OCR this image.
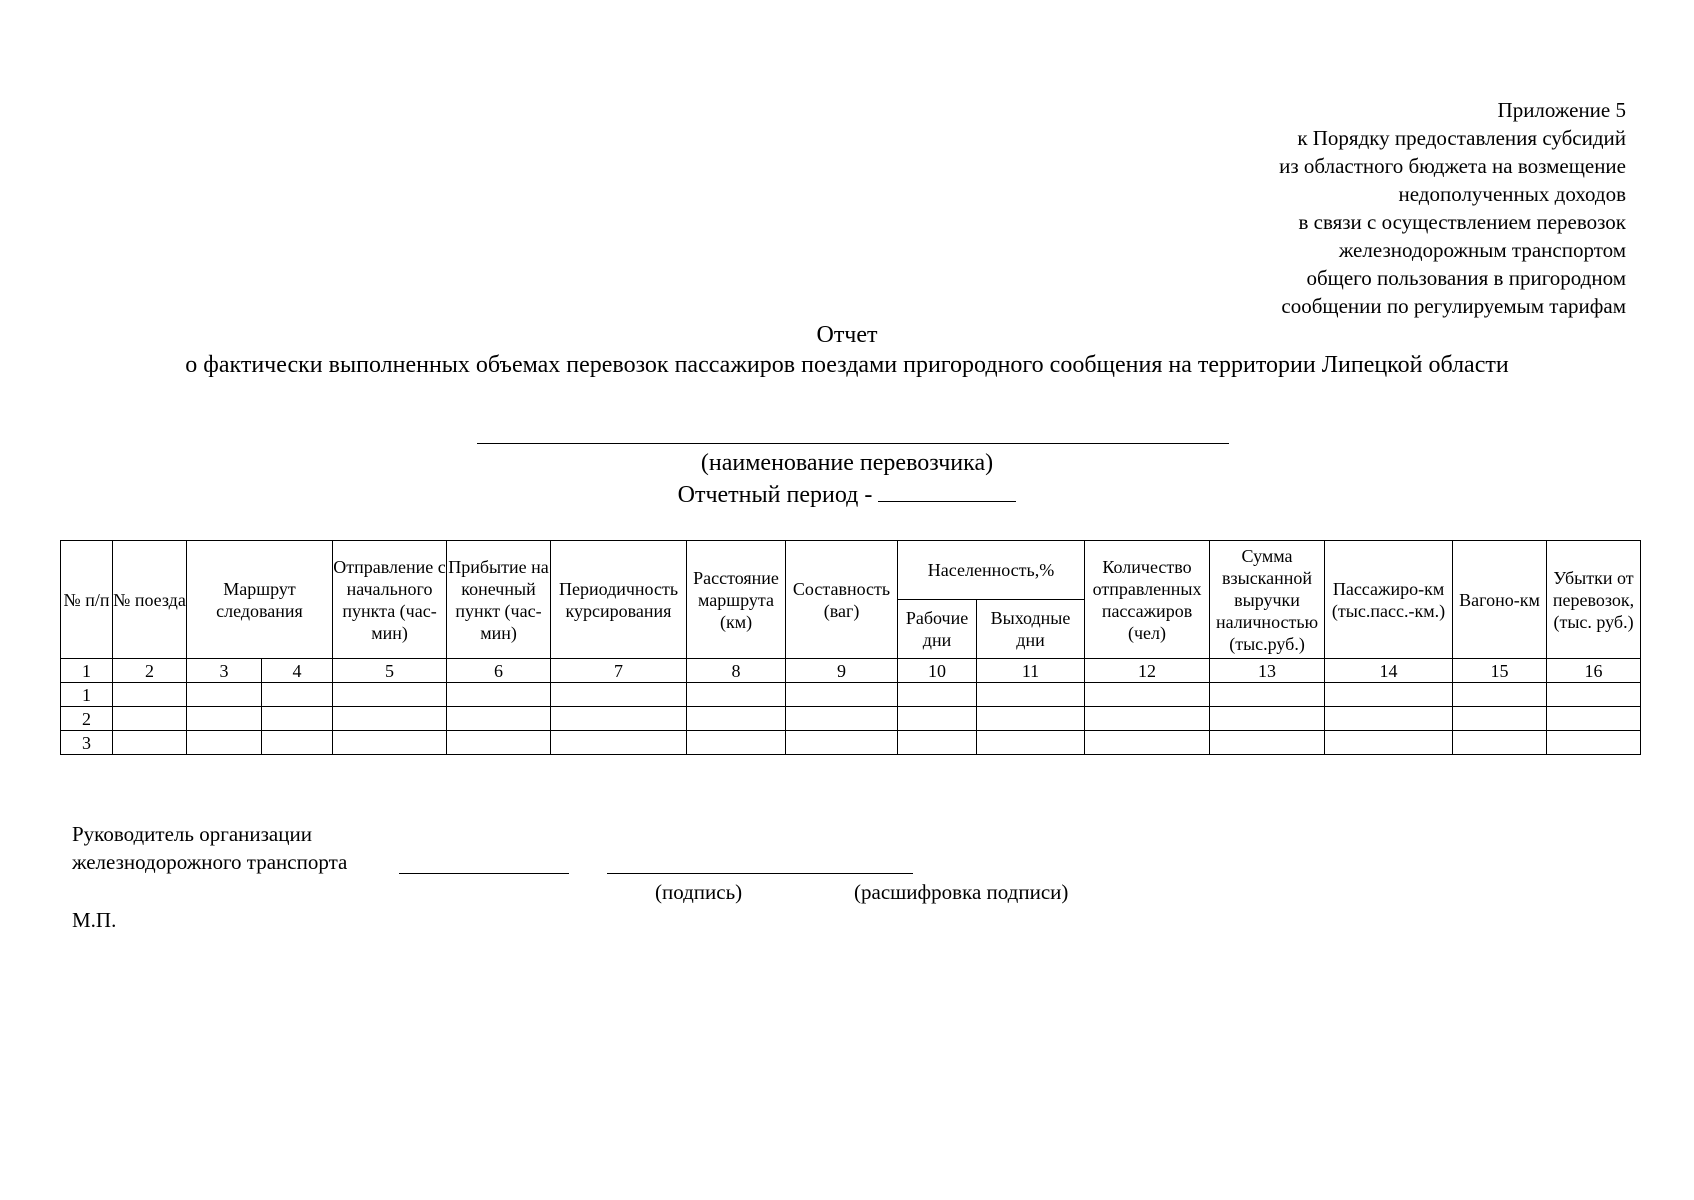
Приложение 5
к Порядку предоставления субсидий
из областного бюджета на возмещение
недополученных доходов
в связи с осуществлением перевозок
железнодорожным транспортом
общего пользования в пригородном
сообщении по регулируемым тарифам
Отчет
о фактически выполненных объемах перевозок пассажиров поездами пригородного сообщения на территории Липецкой области
(наименование перевозчика)
Отчетный период -
№ п/п	№ поезда	Маршрут следования		Отправление с начального пункта (час-мин)	Прибытие на конечный пункт (час-мин)	Периодичность курсирования	Расстояние маршрута (км)	Составность (ваг)	Населенность,%		Количество отправленных пассажиров (чел)	Сумма взысканной выручки наличностью (тыс.руб.)	Пассажиро-км (тыс.пасс.-км.)	Вагоно-км	Убытки от перевозок, (тыс. руб.)
									Рабочие дни	Выходные дни					
1	2	3	4	5	6	7	8	9	10	11	12	13	14	15	16
1															
2															
3															
Руководитель организации
железнодорожного транспорта
(подпись)	(расшифровка подписи)
М.П.
